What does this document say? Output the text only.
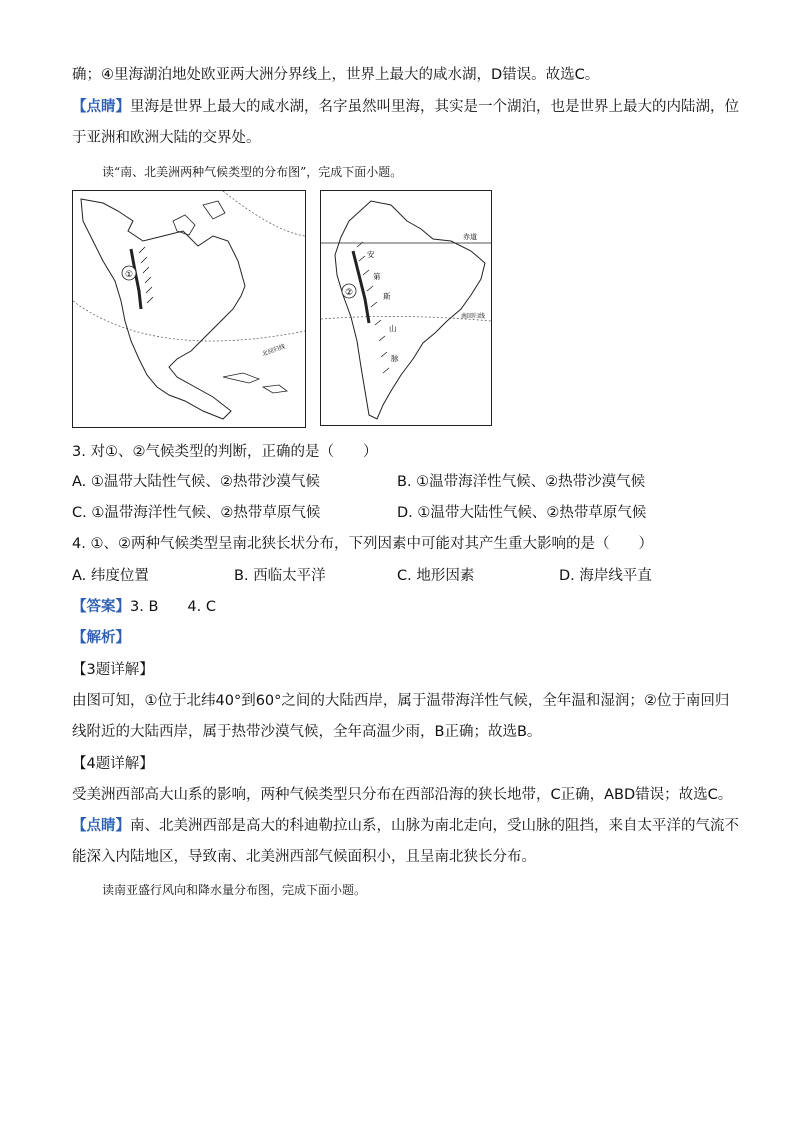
确；④里海湖泊地处欧亚两大洲分界线上，世界上最大的咸水湖，D错误。故选C。
【点睛】里海是世界上最大的咸水湖，名字虽然叫里海，其实是一个湖泊，也是世界上最大的内陆湖，位
于亚洲和欧洲大陆的交界处。
读“南、北美洲两种气候类型的分布图”，完成下面小题。
①
北回归线
②
赤道
南回归线
安
第
斯
山
脉
3. 对①、②气候类型的判断，正确的是（　　）
A. ①温带大陆性气候、②热带沙漠气候	B. ①温带海洋性气候、②热带沙漠气候
C. ①温带海洋性气候、②热带草原气候	D. ①温带大陆性气候、②热带草原气候
4. ①、②两种气候类型呈南北狭长状分布，下列因素中可能对其产生重大影响的是（　　）
A. 纬度位置	B. 西临太平洋	C. 地形因素	D. 海岸线平直
【答案】3. B　　4. C
【解析】
【3题详解】
由图可知，①位于北纬40°到60°之间的大陆西岸，属于温带海洋性气候，全年温和湿润；②位于南回归
线附近的大陆西岸，属于热带沙漠气候，全年高温少雨，B正确；故选B。
【4题详解】
受美洲西部高大山系的影响，两种气候类型只分布在西部沿海的狭长地带，C正确，ABD错误；故选C。
【点睛】南、北美洲西部是高大的科迪勒拉山系，山脉为南北走向，受山脉的阻挡，来自太平洋的气流不
能深入内陆地区，导致南、北美洲西部气候面积小，且呈南北狭长分布。
读南亚盛行风向和降水量分布图，完成下面小题。
